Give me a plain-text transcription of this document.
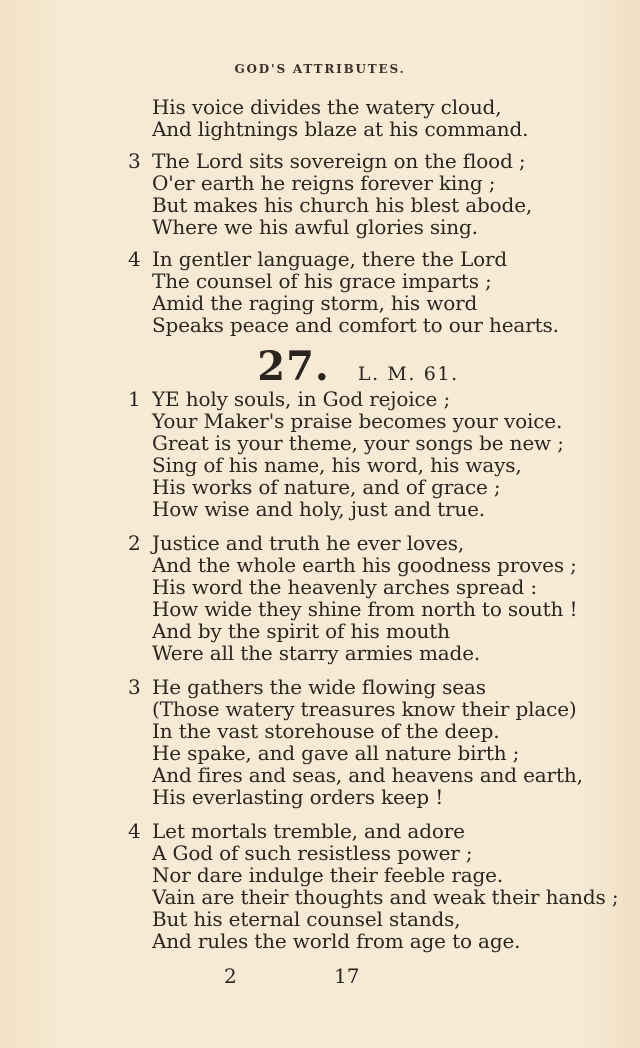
GOD'S ATTRIBUTES.
His voice divides the watery cloud,
And lightnings blaze at his command.
3 The Lord sits sovereign on the flood ;
O'er earth he reigns forever king ;
But makes his church his blest abode,
Where we his awful glories sing.
4 In gentler language, there the Lord
The counsel of his grace imparts ;
Amid the raging storm, his word
Speaks peace and comfort to our hearts.
27. L. M. 61.
1 YE holy souls, in God rejoice ;
Your Maker's praise becomes your voice.
Great is your theme, your songs be new ;
Sing of his name, his word, his ways,
His works of nature, and of grace ;
How wise and holy, just and true.
2 Justice and truth he ever loves,
And the whole earth his goodness proves ;
His word the heavenly arches spread :
How wide they shine from north to south !
And by the spirit of his mouth
Were all the starry armies made.
3 He gathers the wide flowing seas
(Those watery treasures know their place)
In the vast storehouse of the deep.
He spake, and gave all nature birth ;
And fires and seas, and heavens and earth,
His everlasting orders keep !
4 Let mortals tremble, and adore
A God of such resistless power ;
Nor dare indulge their feeble rage.
Vain are their thoughts and weak their hands ;
But his eternal counsel stands,
And rules the world from age to age.
2	17
